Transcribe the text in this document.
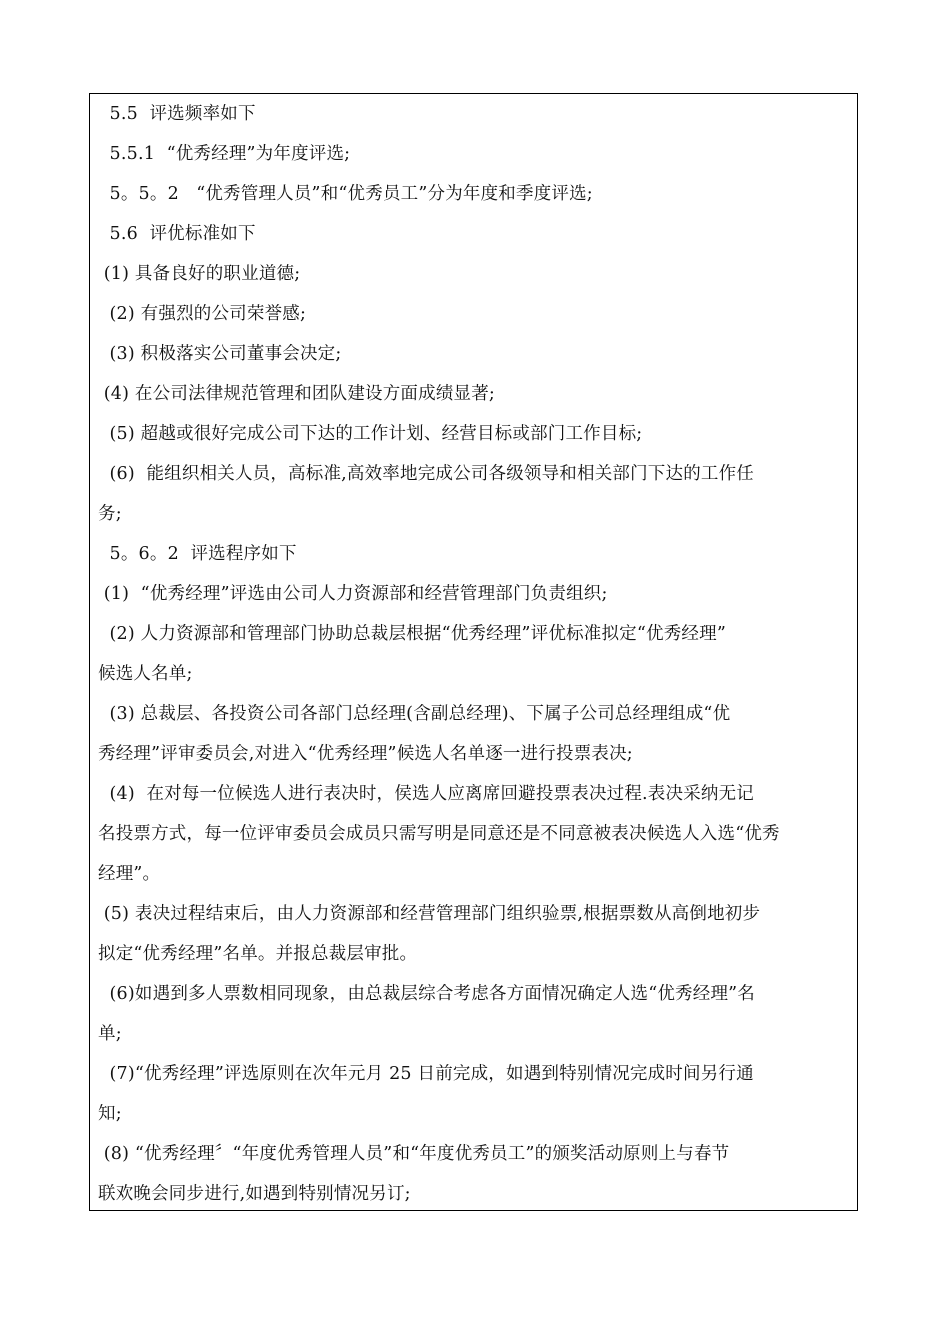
5.5  评选频率如下
5.5.1  “优秀经理”为年度评选;
5。5。2   “优秀管理人员”和“优秀员工”分为年度和季度评选;
5.6  评优标准如下
(1) 具备良好的职业道德;
(2) 有强烈的公司荣誉感;
(3) 积极落实公司董事会决定;
(4) 在公司法律规范管理和团队建设方面成绩显著;
(5) 超越或很好完成公司下达的工作计划、经营目标或部门工作目标;
(6)  能组织相关人员，高标准,高效率地完成公司各级领导和相关部门下达的工作任
务;
5。6。2  评选程序如下
(1)  “优秀经理”评选由公司人力资源部和经营管理部门负责组织;
(2) 人力资源部和管理部门协助总裁层根据“优秀经理”评优标准拟定“优秀经理”
候选人名单;
(3) 总裁层、各投资公司各部门总经理(含副总经理)、下属子公司总经理组成“优
秀经理”评审委员会,对进入“优秀经理”候选人名单逐一进行投票表决;
(4)  在对每一位候选人进行表决时，侯选人应离席回避投票表决过程.表决采纳无记
名投票方式，每一位评审委员会成员只需写明是同意还是不同意被表决候选人入选“优秀
经理”。
(5) 表决过程结束后，由人力资源部和经营管理部门组织验票,根据票数从高倒地初步
拟定“优秀经理”名单。并报总裁层审批。
(6)如遇到多人票数相同现象，由总裁层综合考虑各方面情况确定人选“优秀经理”名
单;
(7)“优秀经理”评选原则在次年元月 25 日前完成，如遇到特别情况完成时间另行通
知;
(8) “优秀经理〞“年度优秀管理人员”和“年度优秀员工”的颁奖活动原则上与春节
联欢晚会同步进行,如遇到特别情况另订;
